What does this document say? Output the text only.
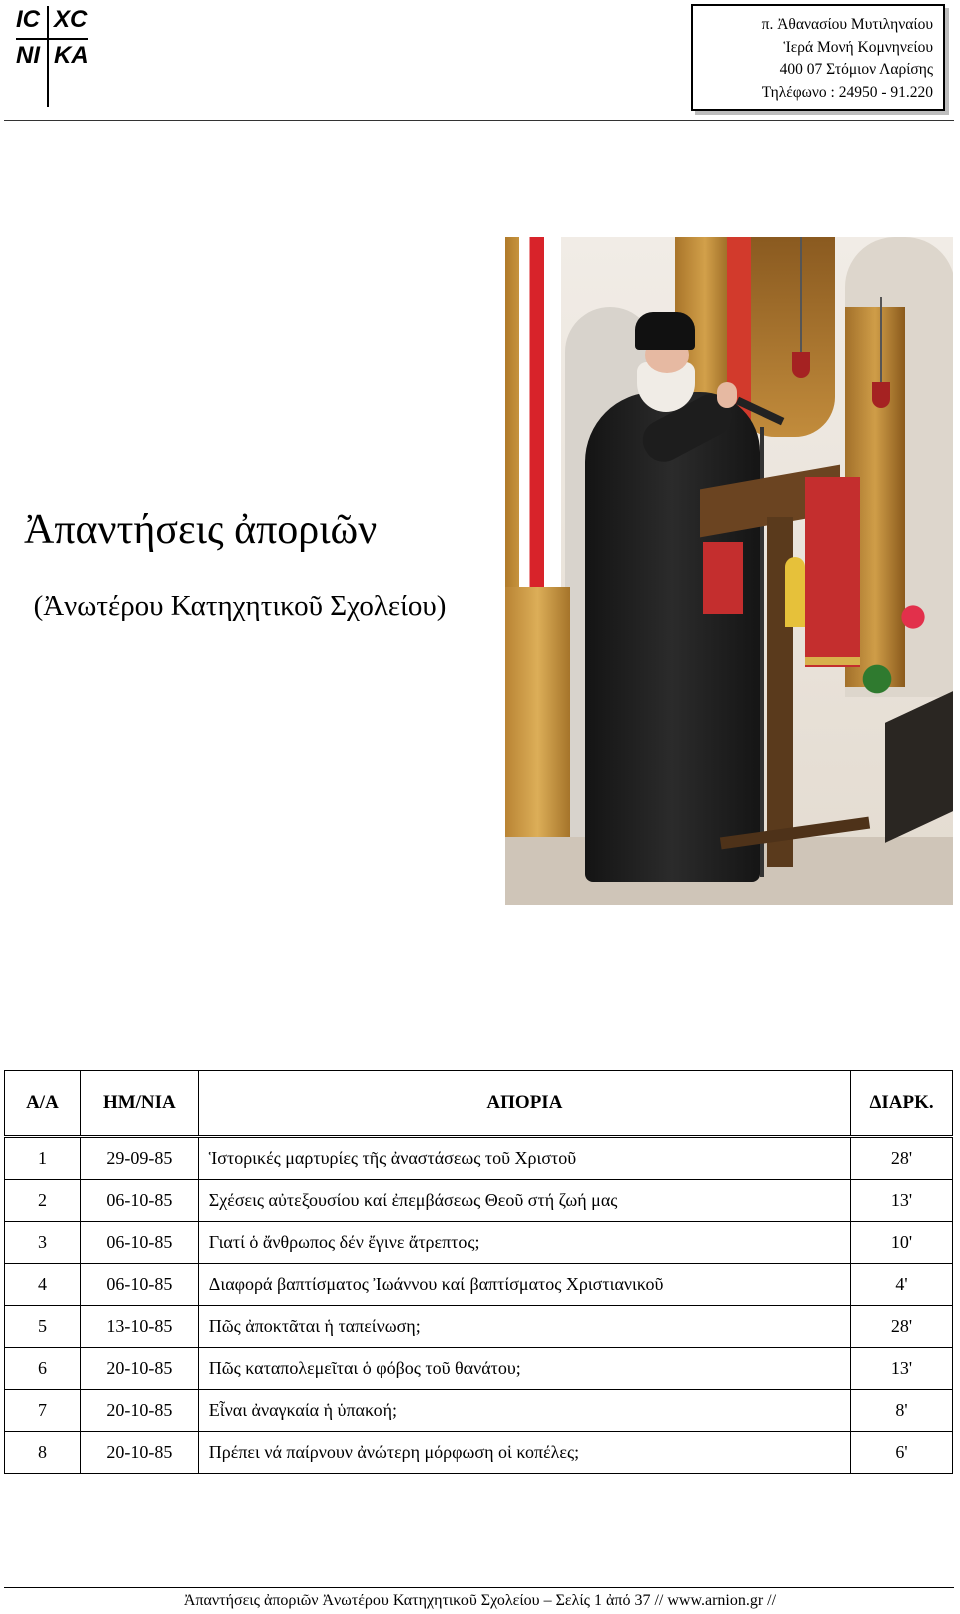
IC XC
NI KA
π. Ἀθανασίου Μυτιληναίου
Ἱερά Μονή Κομνηνείου
400 07 Στόμιον Λαρίσης
Τηλέφωνο : 24950 - 91.220
Ἀπαντήσεις ἀποριῶν
(Ἀνωτέρου Κατηχητικοῦ Σχολείου)
Α/Α	ΗΜ/ΝΙΑ	ΑΠΟΡΙΑ	ΔΙΑΡΚ.
1	29-09-85	Ἱστορικές μαρτυρίες τῆς ἀναστάσεως τοῦ Χριστοῦ	28'
2	06-10-85	Σχέσεις αὐτεξουσίου καί ἐπεμβάσεως Θεοῦ στή ζωή μας	13'
3	06-10-85	Γιατί ὁ ἄνθρωπος δέν ἔγινε ἄτρεπτος;	10'
4	06-10-85	Διαφορά βαπτίσματος Ἰωάννου καί βαπτίσματος Χριστιανικοῦ	4'
5	13-10-85	Πῶς ἀποκτᾶται ἡ ταπείνωση;	28'
6	20-10-85	Πῶς καταπολεμεῖται ὁ φόβος τοῦ θανάτου;	13'
7	20-10-85	Εἶναι ἀναγκαία ἡ ὑπακοή;	8'
8	20-10-85	Πρέπει νά παίρνουν ἀνώτερη μόρφωση οἱ κοπέλες;	6'
Ἀπαντήσεις ἀποριῶν Ἀνωτέρου Κατηχητικοῦ Σχολείου – Σελίς 1 ἀπό 37 // www.arnion.gr //
